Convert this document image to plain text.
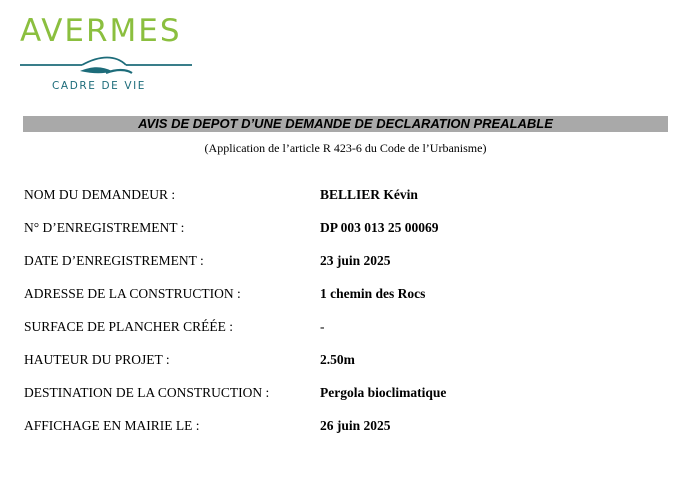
AVERMES
CADRE DE VIE
AVIS DE DEPOT D’UNE DEMANDE DE DECLARATION PREALABLE
(Application de l’article R 423-6 du Code de l’Urbanisme)
NOM DU DEMANDEUR :	BELLIER Kévin
N° D’ENREGISTREMENT :	DP 003 013 25 00069
DATE D’ENREGISTREMENT :	23 juin 2025
ADRESSE DE LA CONSTRUCTION :	1 chemin des Rocs
SURFACE DE PLANCHER CRÉÉE :	-
HAUTEUR DU PROJET :	2.50m
DESTINATION DE LA CONSTRUCTION :	Pergola bioclimatique
AFFICHAGE EN MAIRIE LE :	26 juin 2025
